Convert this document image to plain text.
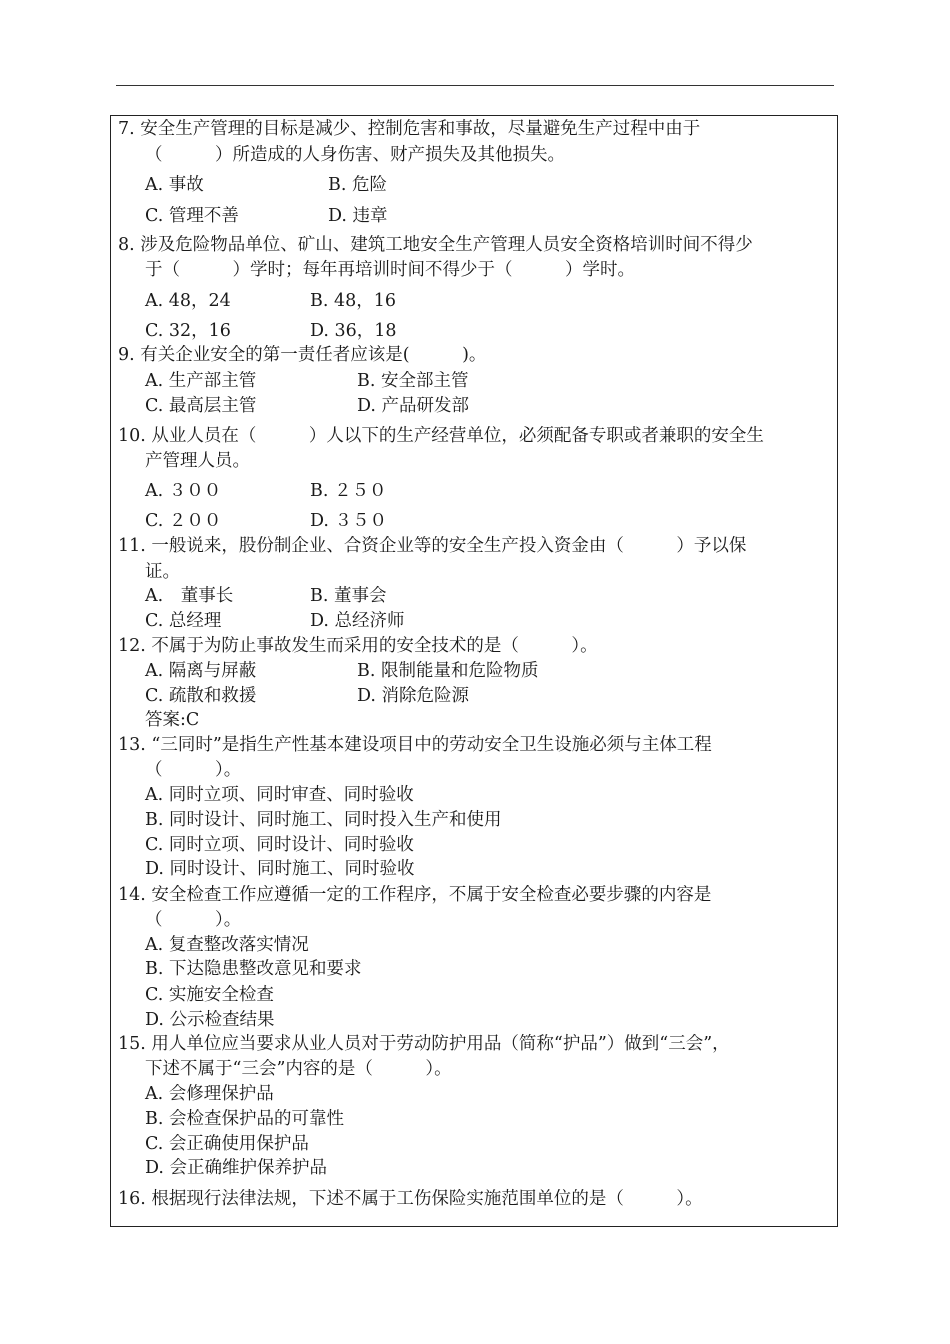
7. 安全生产管理的目标是减少、控制危害和事故，尽量避免生产过程中由于
（　　　）所造成的人身伤害、财产损失及其他损失。
A. 事故	B. 危险
C. 管理不善	D. 违章
8. 涉及危险物品单位、矿山、建筑工地安全生产管理人员安全资格培训时间不得少
于（　　　）学时；每年再培训时间不得少于（　　　）学时。
A. 48，24	B. 48，16
C. 32，16	D. 36，18
9. 有关企业安全的第一责任者应该是(　　　)。
A. 生产部主管	B. 安全部主管
C. 最高层主管	D. 产品研发部
10. 从业人员在（　　　）人以下的生产经营单位，必须配备专职或者兼职的安全生
产管理人员。
A. ３００	B. ２５０
C. ２００	D. ３５０
11. 一般说来，股份制企业、合资企业等的安全生产投入资金由（　　　）予以保
证。
A.　董事长	B. 董事会
C. 总经理	D. 总经济师
12. 不属于为防止事故发生而采用的安全技术的是（　　　）。
A. 隔离与屏蔽	B. 限制能量和危险物质
C. 疏散和救援	D. 消除危险源
答案:C
13. “三同时”是指生产性基本建设项目中的劳动安全卫生设施必须与主体工程
（　　　）。
A. 同时立项、同时审查、同时验收
B. 同时设计、同时施工、同时投入生产和使用
C. 同时立项、同时设计、同时验收
D. 同时设计、同时施工、同时验收
14. 安全检查工作应遵循一定的工作程序，不属于安全检查必要步骤的内容是
（　　　）。
A. 复查整改落实情况
B. 下达隐患整改意见和要求
C. 实施安全检查
D. 公示检查结果
15. 用人单位应当要求从业人员对于劳动防护用品（简称“护品”）做到“三会”，
下述不属于“三会”内容的是（　　　）。
A. 会修理保护品
B. 会检查保护品的可靠性
C. 会正确使用保护品
D. 会正确维护保养护品
16. 根据现行法律法规，下述不属于工伤保险实施范围单位的是（　　　）。
